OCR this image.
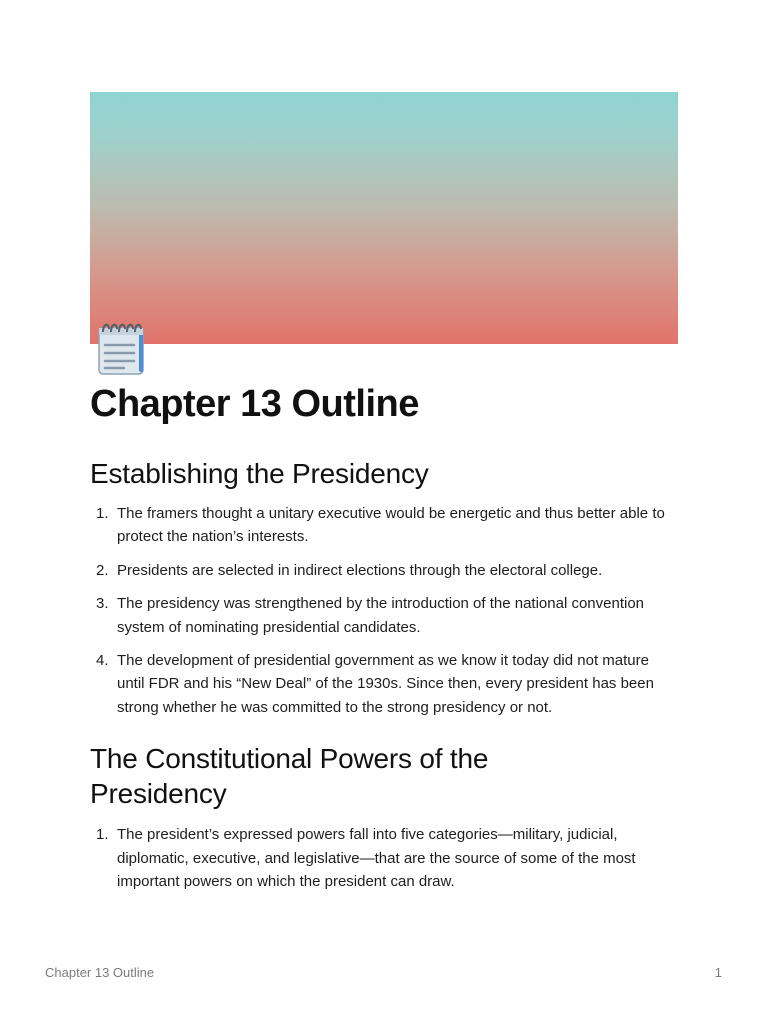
Chapter 13 Outline
Establishing the Presidency
1. The framers thought a unitary executive would be energetic and thus better able to protect the nation’s interests.
2. Presidents are selected in indirect elections through the electoral college.
3. The presidency was strengthened by the introduction of the national convention system of nominating presidential candidates.
4. The development of presidential government as we know it today did not mature until FDR and his “New Deal” of the 1930s. Since then, every president has been strong whether he was committed to the strong presidency or not.
The Constitutional Powers of the
Presidency
1. The president’s expressed powers fall into five categories—military, judicial, diplomatic, executive, and legislative—that are the source of some of the most important powers on which the president can draw.
Chapter 13 Outline	1
